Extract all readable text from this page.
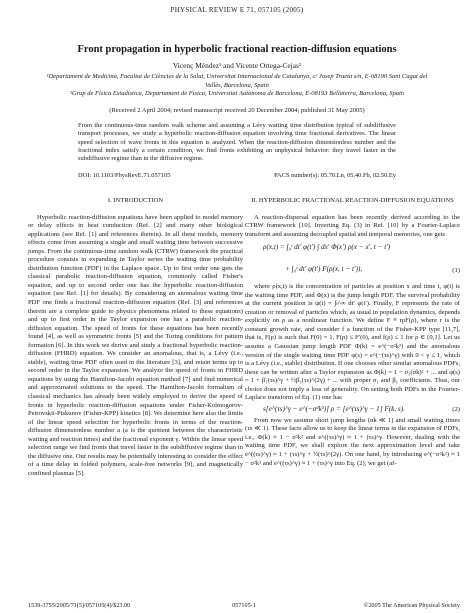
PHYSICAL REVIEW E 71, 057105 (2005)
Front propagation in hyperbolic fractional reaction-diffusion equations
Vicenç Méndez¹ and Vicente Ortega-Cejas²
¹Departament de Medicina, Facultat de Ciències de la Salut, Universitat Internacional de Catalunya, c/ Josep Trueta s/n, E-08190 Sant Cugat del Vallès, Barcelona, Spain
²Grup de Física Estadística, Departament de Física, Universitat Autònoma de Barcelona, E-08193 Bellaterra, Barcelona, Spain
(Received 2 April 2004; revised manuscript received 20 December 2004; published 31 May 2005)
From the continuous-time random walk scheme and assuming a Lévy waiting time distribution typical of subdiffusive transport processes, we study a hyperbolic reaction-diffusion equation involving time fractional derivatives. The linear speed selection of wave fronts in this equation is analyzed. When the reaction-diffusion dimensionless number and the fractional index satisfy a certain condition, we find fronts exhibiting an unphysical behavior: they travel faster in the subdiffusive regime than in the diffusive regime.
DOI: 10.1103/PhysRevE.71.057105	PACS number(s): 05.70.Ln, 05.40.Fb, 02.50.Ey
I. INTRODUCTION

Hyperbolic reaction-diffusion equations have been applied to model memory or delay effects in heat conduction (Ref. [2] and many other biological applications (see Ref. [1] and references therein). In all these models, memory effects come from assuming a single and small waiting time between successive jumps. From the continuous-time random walk (CTRW) framework the practical procedure consists in expanding in Taylor series the waiting time probability distribution function (PDF) in the Laplace space. Up to first order one gets the classical parabolic reaction-diffusion equation, commonly called Fisher's equation, and up to second order one has the hyperbolic reaction-diffusion equation (see Ref. [1] for details). By considering an anomalous waiting time PDF one finds a fractional reaction-diffusion equation (Ref. [3] and references therein are a complete guide to physics phenomena related to these equations) and up to first order in the Taylor expansion one has a parabolic reaction-diffusion equation. The speed of fronts for these equations has been recently found [4], as well as symmetric fronts [5] and the Turing conditions for pattern formation [6]. In this work we derive and study a fractional hyperbolic reaction-diffusion (FHRD) equation. We consider an anomalous, that is, a Lévy (i.e., stable), waiting time PDF often used in the literature [3], and retain terms up to second order in the Taylor expansion. We analyze the speed of fronts in FHRD equations by using the Hamilton-Jacobi equation method [7] and find numerical and approximated solutions to the speed. The Hamilton-Jacobi formalism of classical mechanics has already been widely employed to derive the speed of fronts in hyperbolic reaction-diffusion equations under Fisher-Kolmogorov-Petrovskii-Piskunov (Fisher-KPP) kinetics [8]. We determine here also the limits of the linear speed selection for hyperbolic fronts in terms of the reaction-diffusion dimensionless number a (a is the quotient between the characteristic waiting and reaction times) and the fractional exponent γ. Within the linear speed selection range we find fronts that travel faster in the subdiffusive regime than in the diffusive one. Our results may be potentially interesting to consider the effect of a time delay in folded polymers, scale-free networks [9], and magnetically confined plasmas [5].

II. HYPERBOLIC FRACTIONAL REACTION-DIFFUSION EQUATIONS

A reaction-dispersal equation has been recently derived according to the CTRW framework [10]. Inverting Eq. (3) in Ref. [10] by a Fourier-Laplace transform and assuming decoupled spatial and temporal memories, one gets

ρ(x,t) = ∫₀ᵗ dt′ φ(t′) ∫ dx′ Φ(x′) ρ(x − x′, t − t′)
+ ∫₀ᵗ dt′ φ(t′) F(ρ(x, t − t′)),	(1)

where ρ(x,t) is the concentration of particles at position x and time t, φ(t) is the waiting time PDF, and Φ(x) is the jump length PDF. The survival probability at the current position is ψ(t) = ∫ₜ^∞ dt′ φ(t′). Finally, F represents the rate of creation or removal of particles which, as usual in population dynamics, depends explicitly on ρ as a nonlinear function. We define F ≡ rρF(ρ), where r is the constant growth rate, and consider f a function of the Fisher-KPP type [11,7], that is, F(ρ) is such that F(0) = 1, F(ρ) ≤ F′(0), and f(ρ) ≤ 1 for ρ ∈ (0,1]. Let us assume a Gaussian jump length PDF Φ(k) = e^(−σ²k²) and the anomalous version of the single waiting time PDF φ(s) = e^(−(τs)^γ) with 0 < γ ≤ 1, which is a Lévy (i.e., stable) distribution. If one chooses other similar anomalous PDFs, these can be written after a Taylor expansion as Φ(k) = 1 − σ₁(σk)² + ... and φ(s) = 1 + β₁(τs)^γ + ½β₂(τs)^(2γ) + ... with proper σ₁ and β₁ coefficients. Thus, our choice does not imply a loss of generality. On setting both PDFs in the Fourier-Laplace transform of Eq. (1) one has

s[e^(τs)^γ − e^(−σ²k²)] ρ = [e^(τs)^γ − 1] F(k, s).	(2)

From now we assume short jump lengths (σk ≪ 1) and small waiting times (τs ≪ 1). These facts allow us to keep the linear terms in the expansion of PDFs, i.e., Φ(k) ≈ 1 − σ²k² and e^((τs)^γ) ≈ 1 + (τs)^γ. However, dealing with the waiting time PDF, we shall explore the next approximation level and take e^((τs)^γ) ≈ 1 + (τs)^γ + ½(τs)^(2γ). On one hand, by introducing e^(−σ²k²) ≈ 1 − σ²k² and e^((τs)^γ) ≈ 1 + (τs)^γ into Eq. (2), we get (af-

1539-3755/2005/71(5)/057105(4)/$23.00	057105-1	©2005 The American Physical Society
